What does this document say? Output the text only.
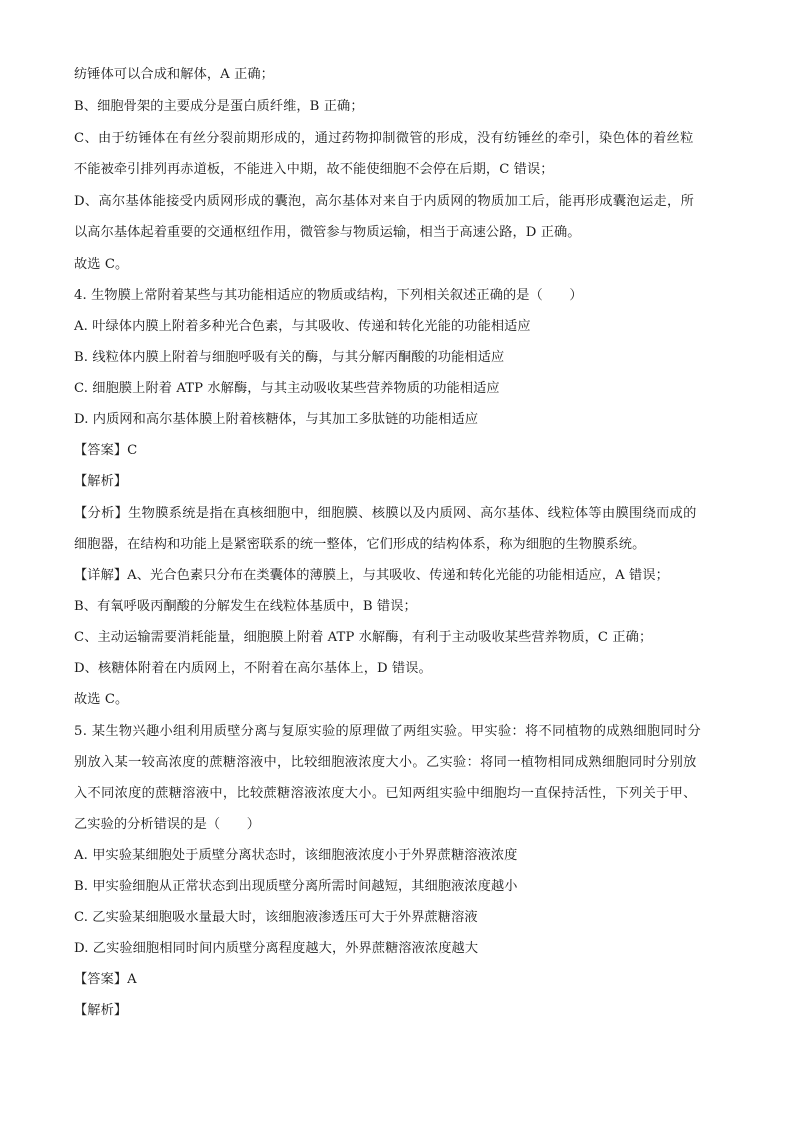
纺锤体可以合成和解体，A 正确；
B、细胞骨架的主要成分是蛋白质纤维，B 正确；
C、由于纺锤体在有丝分裂前期形成的，通过药物抑制微管的形成，没有纺锤丝的牵引，染色体的着丝粒
不能被牵引排列再赤道板，不能进入中期，故不能使细胞不会停在后期，C 错误；
D、高尔基体能接受内质网形成的囊泡，高尔基体对来自于内质网的物质加工后，能再形成囊泡运走，所
以高尔基体起着重要的交通枢纽作用，微管参与物质运输，相当于高速公路，D 正确。
故选 C。
4. 生物膜上常附着某些与其功能相适应的物质或结构，下列相关叙述正确的是（　　）
A. 叶绿体内膜上附着多种光合色素，与其吸收、传递和转化光能的功能相适应
B. 线粒体内膜上附着与细胞呼吸有关的酶，与其分解丙酮酸的功能相适应
C. 细胞膜上附着 ATP 水解酶，与其主动吸收某些营养物质的功能相适应
D. 内质网和高尔基体膜上附着核糖体，与其加工多肽链的功能相适应
【答案】C
【解析】
【分析】生物膜系统是指在真核细胞中，细胞膜、核膜以及内质网、高尔基体、线粒体等由膜围绕而成的
细胞器，在结构和功能上是紧密联系的统一整体，它们形成的结构体系，称为细胞的生物膜系统。
【详解】A、光合色素只分布在类囊体的薄膜上，与其吸收、传递和转化光能的功能相适应，A 错误；
B、有氧呼吸丙酮酸的分解发生在线粒体基质中，B 错误；
C、主动运输需要消耗能量，细胞膜上附着 ATP 水解酶，有利于主动吸收某些营养物质，C 正确；
D、核糖体附着在内质网上，不附着在高尔基体上，D 错误。
故选 C。
5. 某生物兴趣小组利用质壁分离与复原实验的原理做了两组实验。甲实验：将不同植物的成熟细胞同时分
别放入某一较高浓度的蔗糖溶液中，比较细胞液浓度大小。乙实验：将同一植物相同成熟细胞同时分别放
入不同浓度的蔗糖溶液中，比较蔗糖溶液浓度大小。已知两组实验中细胞均一直保持活性，下列关于甲、
乙实验的分析错误的是（　　）
A. 甲实验某细胞处于质壁分离状态时，该细胞液浓度小于外界蔗糖溶液浓度
B. 甲实验细胞从正常状态到出现质壁分离所需时间越短，其细胞液浓度越小
C. 乙实验某细胞吸水量最大时，该细胞液渗透压可大于外界蔗糖溶液
D. 乙实验细胞相同时间内质壁分离程度越大，外界蔗糖溶液浓度越大
【答案】A
【解析】
